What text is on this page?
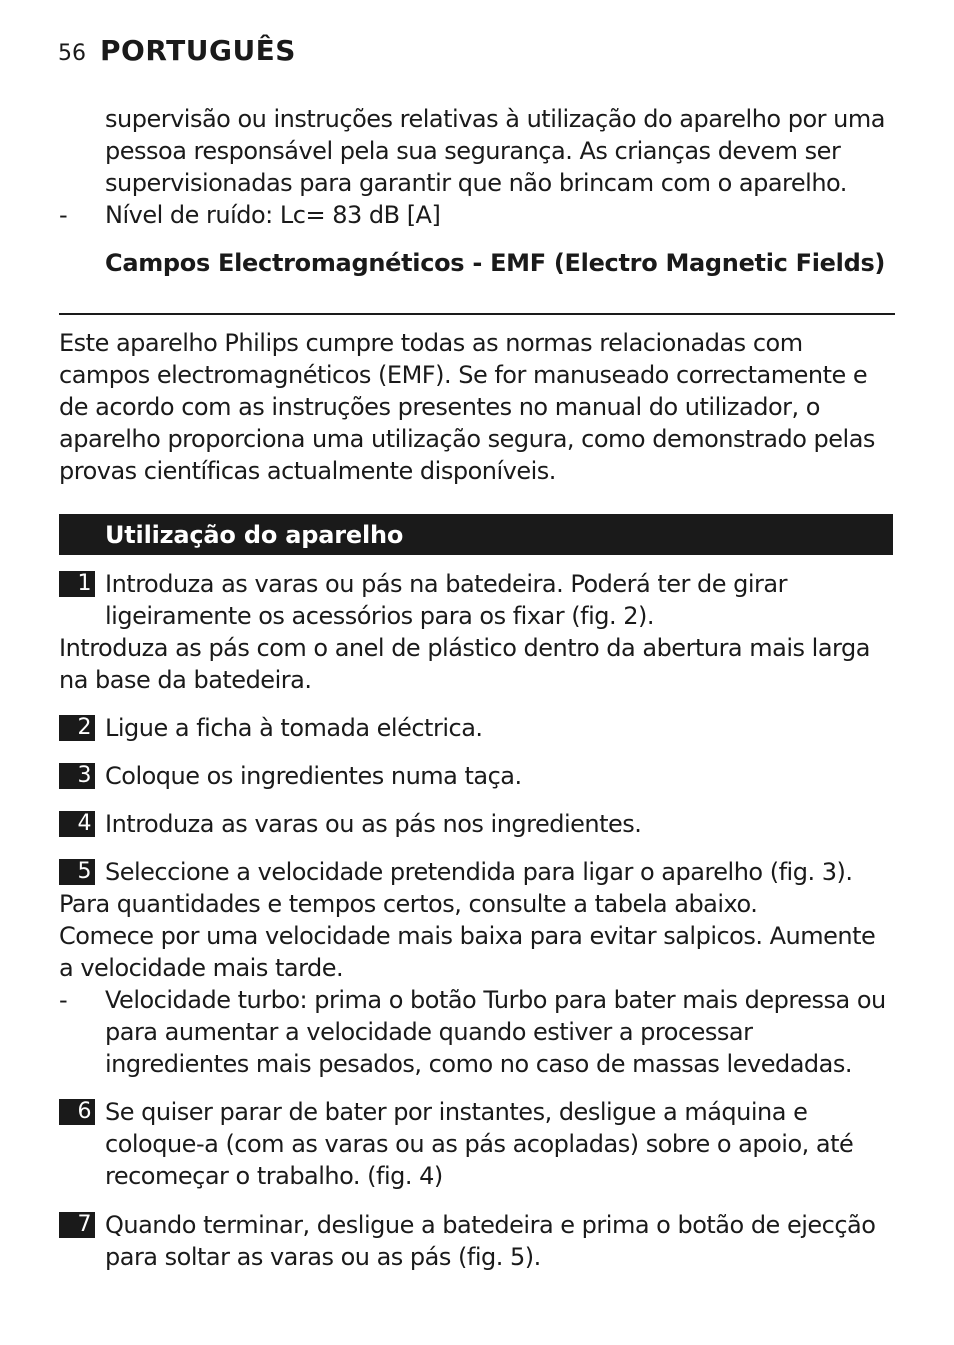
56 PORTUGUÊS
supervisão ou instruções relativas à utilização do aparelho por uma pessoa responsável pela sua segurança. As crianças devem ser supervisionadas para garantir que não brincam com o aparelho.
- Nível de ruído: Lc= 83 dB [A]
Campos Electromagnéticos - EMF (Electro Magnetic Fields)
Este aparelho Philips cumpre todas as normas relacionadas com campos electromagnéticos (EMF). Se for manuseado correctamente e de acordo com as instruções presentes no manual do utilizador, o aparelho proporciona uma utilização segura, como demonstrado pelas provas científicas actualmente disponíveis.
Utilização do aparelho
1 Introduza as varas ou pás na batedeira. Poderá ter de girar ligeiramente os acessórios para os fixar (fig. 2).
Introduza as pás com o anel de plástico dentro da abertura mais larga na base da batedeira.
2 Ligue a ficha à tomada eléctrica.
3 Coloque os ingredientes numa taça.
4 Introduza as varas ou as pás nos ingredientes.
5 Seleccione a velocidade pretendida para ligar o aparelho (fig. 3).
Para quantidades e tempos certos, consulte a tabela abaixo.
Comece por uma velocidade mais baixa para evitar salpicos. Aumente a velocidade mais tarde.
- Velocidade turbo: prima o botão Turbo para bater mais depressa ou para aumentar a velocidade quando estiver a processar ingredientes mais pesados, como no caso de massas levedadas.
6 Se quiser parar de bater por instantes, desligue a máquina e coloque-a (com as varas ou as pás acopladas) sobre o apoio, até recomeçar o trabalho. (fig. 4)
7 Quando terminar, desligue a batedeira e prima o botão de ejecção para soltar as varas ou as pás (fig. 5).
